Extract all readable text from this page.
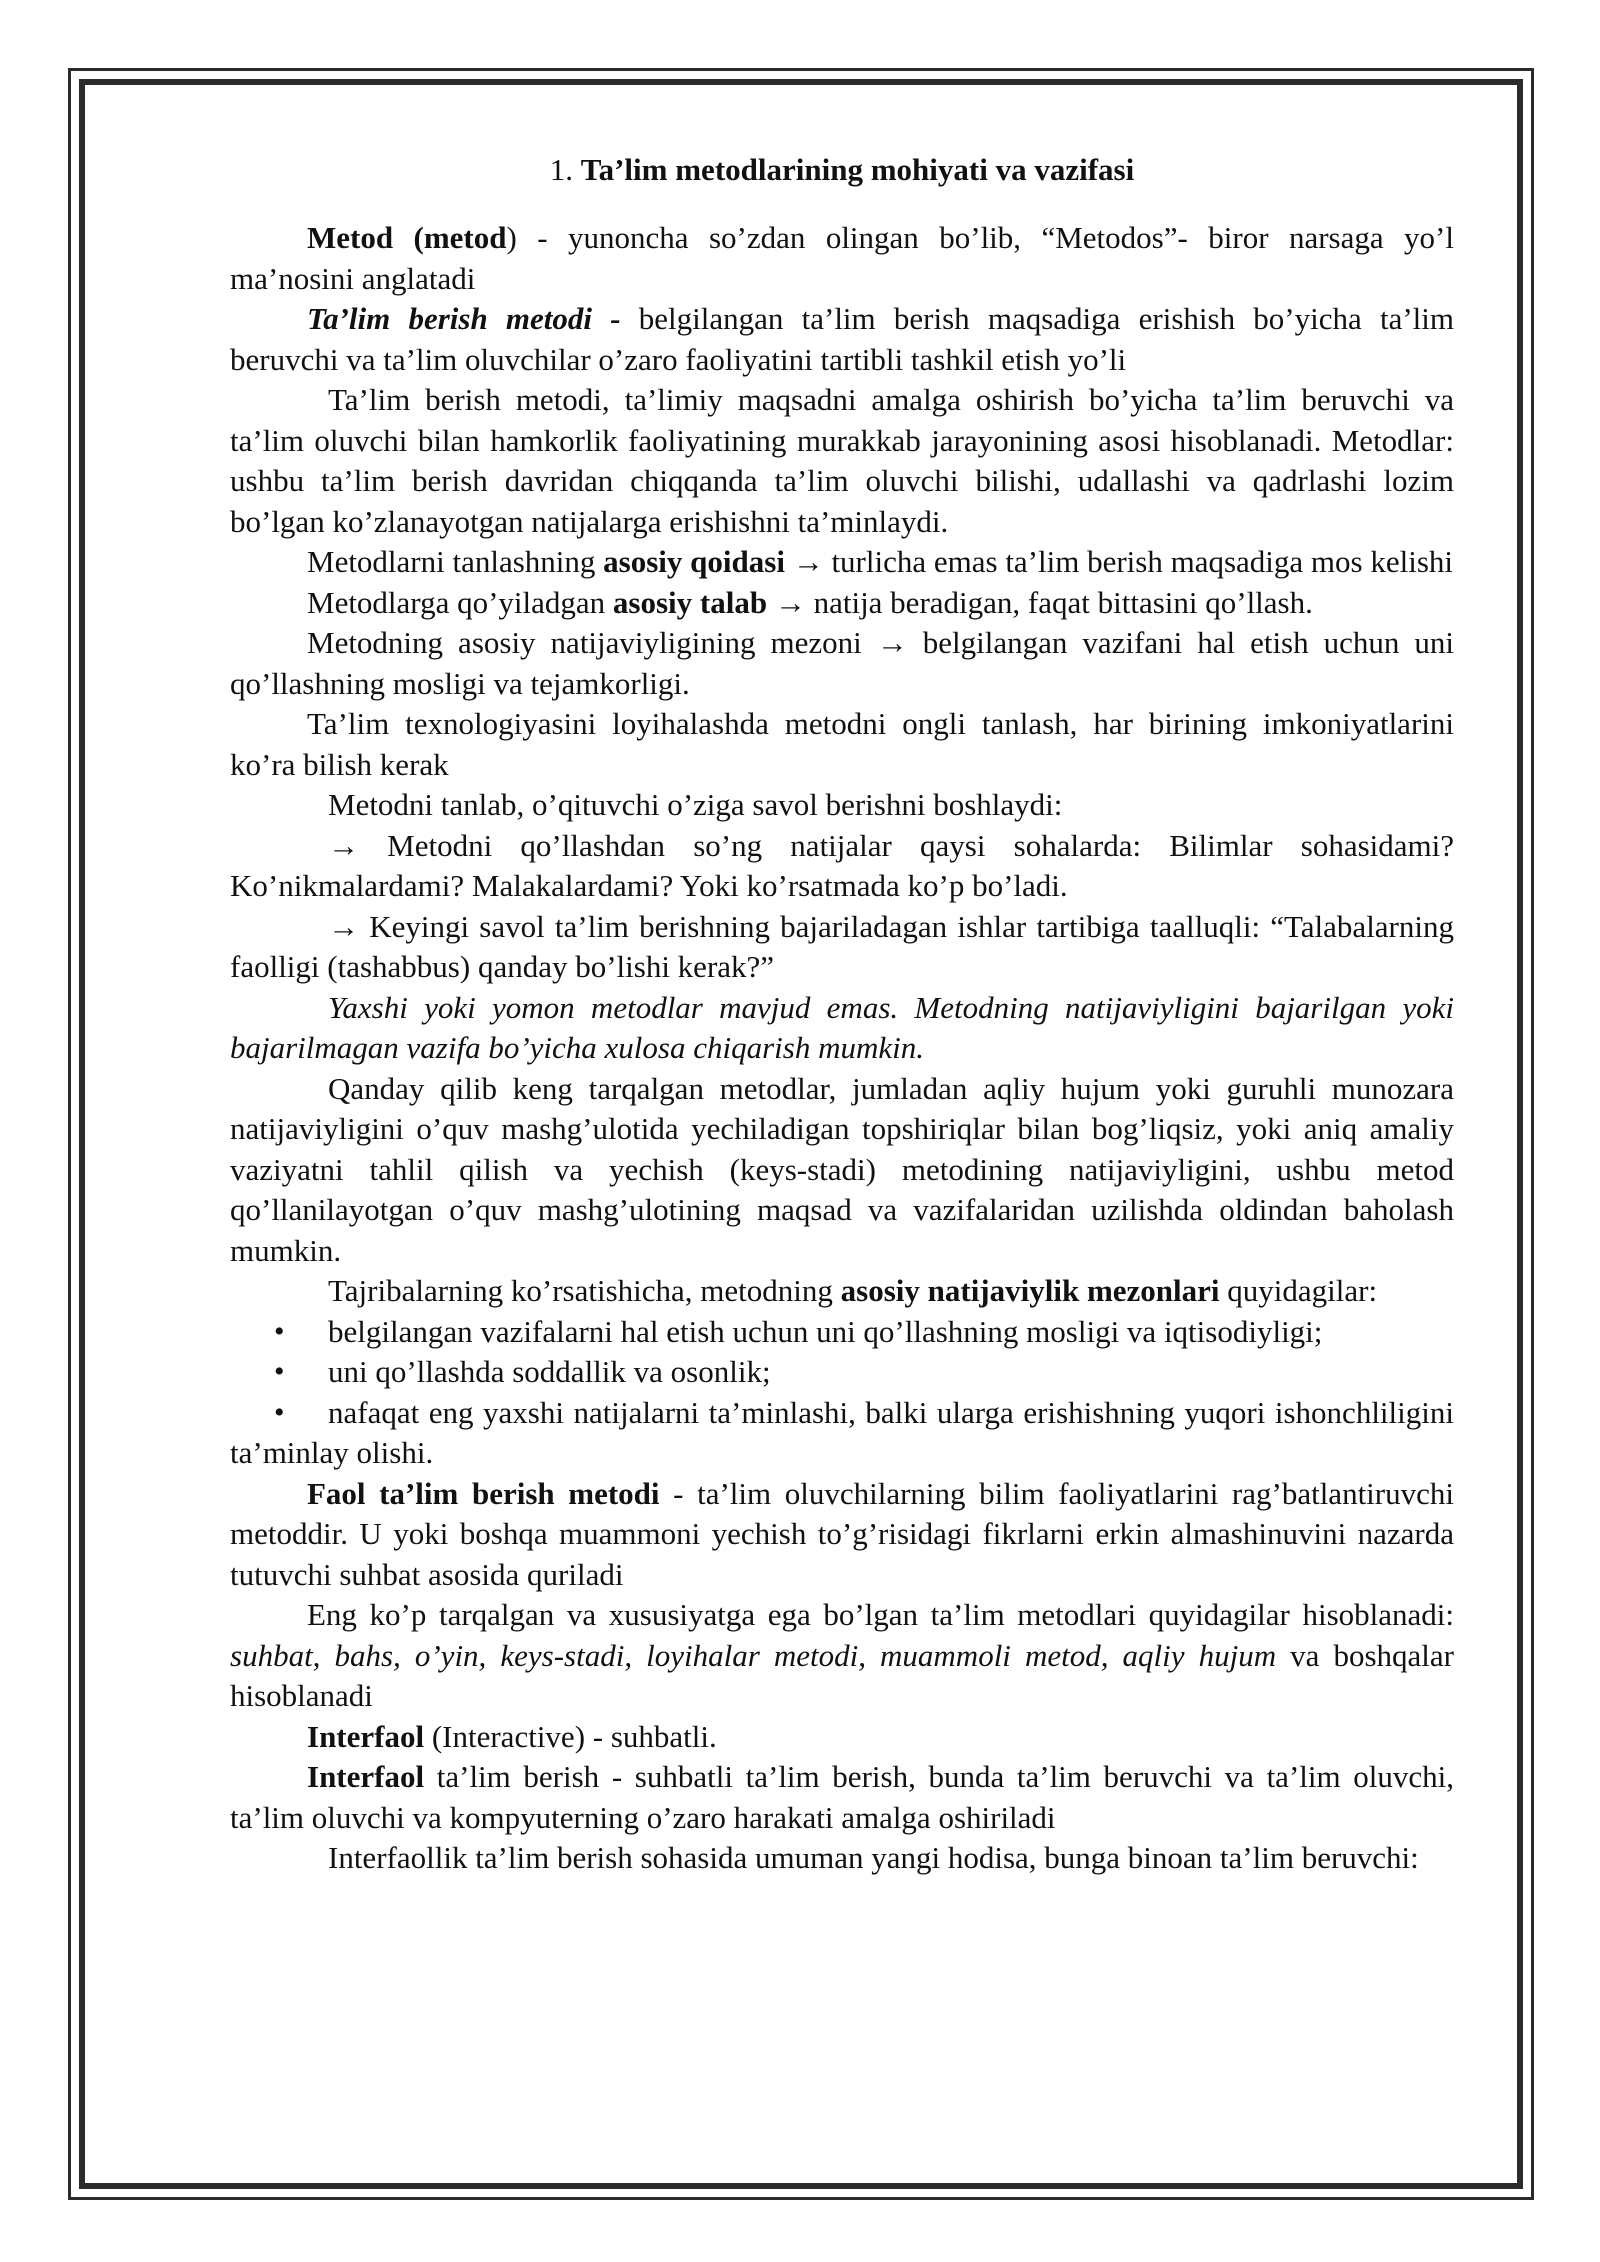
1. Ta’lim metodlarining mohiyati va vazifasi

Metod (metod) - yunoncha so’zdan olingan bo’lib, “Metodos”- biror narsaga yo’l ma’nosini anglatadi

Ta’lim berish metodi - belgilangan ta’lim berish maqsadiga erishish bo’yicha ta’lim beruvchi va ta’lim oluvchilar o’zaro faoliyatini tartibli tashkil etish yo’li

Ta’lim berish metodi, ta’limiy maqsadni amalga oshirish bo’yicha ta’lim beruvchi va ta’lim oluvchi bilan hamkorlik faoliyatining murakkab jarayonining asosi hisoblanadi. Metodlar: ushbu ta’lim berish davridan chiqqanda ta’lim oluvchi bilishi, udallashi va qadrlashi lozim bo’lgan ko’zlanayotgan natijalarga erishishni ta’minlaydi.

Metodlarni tanlashning asosiy qoidasi → turlicha emas ta’lim berish maqsadiga mos kelishi

Metodlarga qo’yiladgan asosiy talab → natija beradigan, faqat bittasini qo’llash.

Metodning asosiy natijaviyligining mezoni → belgilangan vazifani hal etish uchun uni qo’llashning mosligi va tejamkorligi.

Ta’lim texnologiyasini loyihalashda metodni ongli tanlash, har birining imkoniyatlarini ko’ra bilish kerak

Metodni tanlab, o’qituvchi o’ziga savol berishni boshlaydi:

→ Metodni qo’llashdan so’ng natijalar qaysi sohalarda: Bilimlar sohasidami? Ko’nikmalardami? Malakalardami? Yoki ko’rsatmada ko’p bo’ladi.

→ Keyingi savol ta’lim berishning bajariladagan ishlar tartibiga taalluqli: “Talabalarning faolligi (tashabbus) qanday bo’lishi kerak?”

Yaxshi yoki yomon metodlar mavjud emas. Metodning natijaviyligini bajarilgan yoki bajarilmagan vazifa bo’yicha xulosa chiqarish mumkin.

Qanday qilib keng tarqalgan metodlar, jumladan aqliy hujum yoki guruhli munozara natijaviyligini o’quv mashg’ulotida yechiladigan topshiriqlar bilan bog’liqsiz, yoki aniq amaliy vaziyatni tahlil qilish va yechish (keys-stadi) metodining natijaviyligini, ushbu metod qo’llanilayotgan o’quv mashg’ulotining maqsad va vazifalaridan uzilishda oldindan baholash mumkin.

Tajribalarning ko’rsatishicha, metodning asosiy natijaviylik mezonlari quyidagilar:

• belgilangan vazifalarni hal etish uchun uni qo’llashning mosligi va iqtisodiyligi;
• uni qo’llashda soddallik va osonlik;
• nafaqat eng yaxshi natijalarni ta’minlashi, balki ularga erishishning yuqori ishonchliligini ta’minlay olishi.

Faol ta’lim berish metodi - ta’lim oluvchilarning bilim faoliyatlarini rag’batlantiruvchi metoddir. U yoki boshqa muammoni yechish to’g’risidagi fikrlarni erkin almashinuvini nazarda tutuvchi suhbat asosida quriladi

Eng ko’p tarqalgan va xususiyatga ega bo’lgan ta’lim metodlari quyidagilar hisoblanadi: suhbat, bahs, o’yin, keys-stadi, loyihalar metodi, muammoli metod, aqliy hujum va boshqalar hisoblanadi

Interfaol (Interactive) - suhbatli.

Interfaol ta’lim berish - suhbatli ta’lim berish, bunda ta’lim beruvchi va ta’lim oluvchi, ta’lim oluvchi va kompyuterning o’zaro harakati amalga oshiriladi

Interfaollik ta’lim berish sohasida umuman yangi hodisa, bunga binoan ta’lim beruvchi:
